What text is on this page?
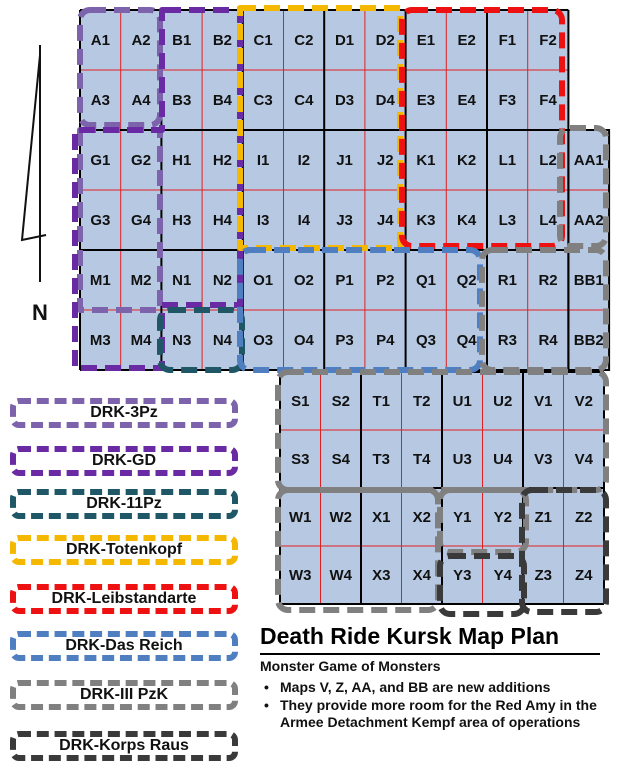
A1 A2 B1 B2 C1 C2 D1 D2 E1 E2 F1 F2
A3 A4 B3 B4 C3 C4 D3 D4 E3 E4 F3 F4
G1 G2 H1 H2 I1 I2 J1 J2 K1 K2 L1 L2 AA1
G3 G4 H3 H4 I3 I4 J3 J4 K3 K4 L3 L4 AA2
M1 M2 N1 N2 O1 O2 P1 P2 Q1 Q2 R1 R2 BB1
M3 M4 N3 N4 O3 O4 P3 P4 Q3 Q4 R3 R4 BB2
S1 S2 T1 T2 U1 U2 V1 V2
S3 S4 T3 T4 U3 U4 V3 V4
W1 W2 X1 X2 Y1 Y2 Z1 Z2
W3 W4 X3 X4 Y3 Y4 Z3 Z4
N
DRK-3Pz
DRK-GD
DRK-11Pz
DRK-Totenkopf
DRK-Leibstandarte
DRK-Das Reich
DRK-III PzK
DRK-Korps Raus
Death Ride Kursk Map Plan
Monster Game of Monsters
• Maps V, Z, AA, and BB are new additions
• They provide more room for the Red Amy in the Armee Detachment Kempf area of operations
